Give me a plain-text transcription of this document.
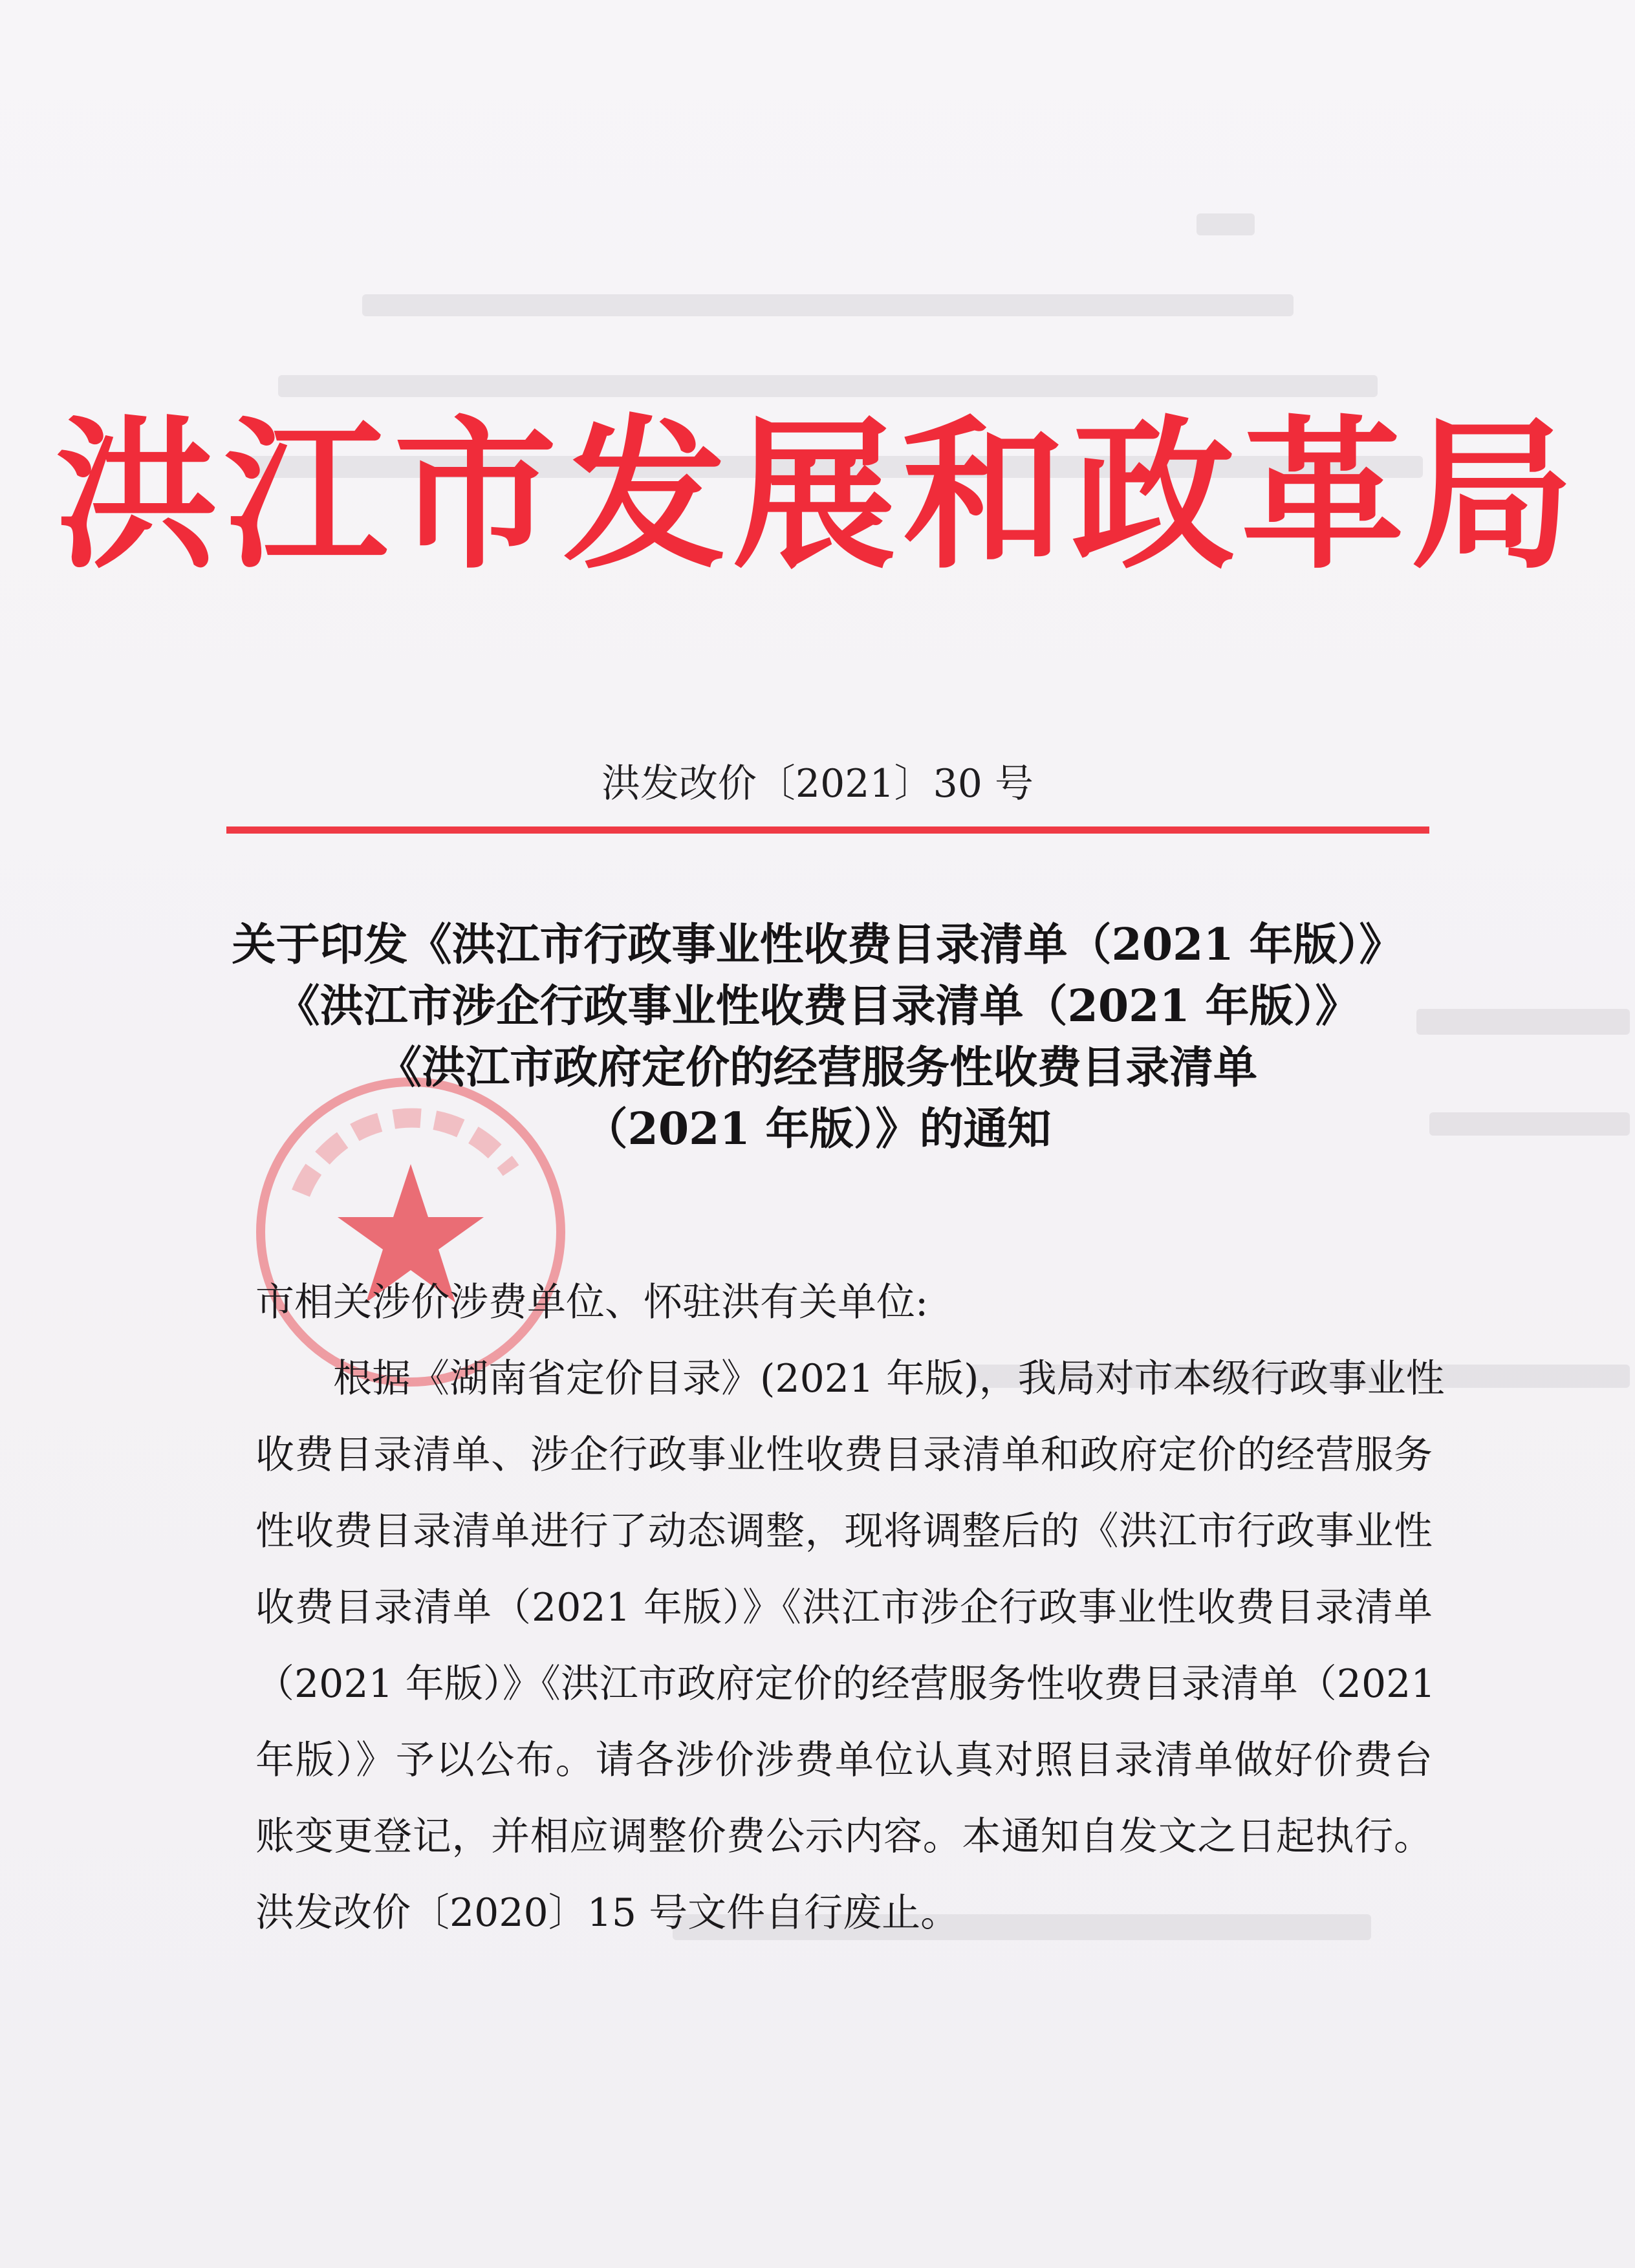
洪江市发展和政革局
洪发改价〔2021〕30 号
关于印发《洪江市行政事业性收费目录清单（2021 年版）》
《洪江市涉企行政事业性收费目录清单（2021 年版）》
《洪江市政府定价的经营服务性收费目录清单
（2021 年版）》的通知
市相关涉价涉费单位、怀驻洪有关单位:
根据《湖南省定价目录》(2021 年版)，我局对市本级行政事业性
收费目录清单、涉企行政事业性收费目录清单和政府定价的经营服务
性收费目录清单进行了动态调整，现将调整后的《洪江市行政事业性
收费目录清单（2021 年版）》《洪江市涉企行政事业性收费目录清单
（2021 年版）》《洪江市政府定价的经营服务性收费目录清单（2021
年版）》予以公布。请各涉价涉费单位认真对照目录清单做好价费台
账变更登记，并相应调整价费公示内容。本通知自发文之日起执行。
洪发改价〔2020〕15 号文件自行废止。
